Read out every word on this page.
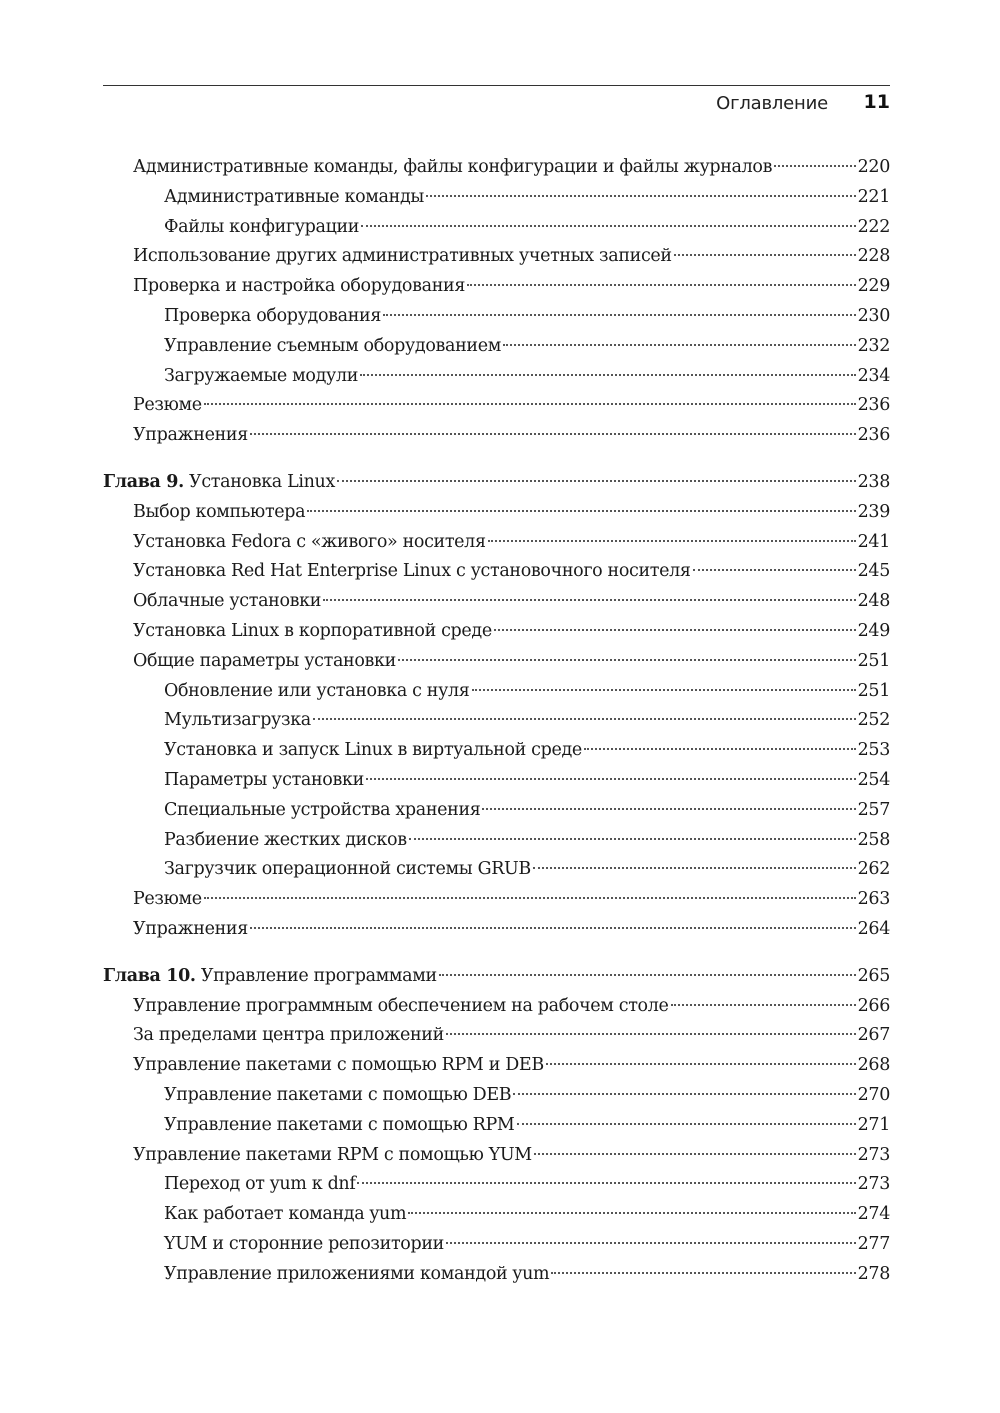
Оглавление 11
Административные команды, файлы конфигурации и файлы журналов	220
Административные команды	221
Файлы конфигурации	222
Использование других административных учетных записей	228
Проверка и настройка оборудования	229
Проверка оборудования	230
Управление съемным оборудованием	232
Загружаемые модули	234
Резюме	236
Упражнения	236
Глава 9. Установка Linux	238
Выбор компьютера	239
Установка Fedora с «живого» носителя	241
Установка Red Hat Enterprise Linux с установочного носителя	245
Облачные установки	248
Установка Linux в корпоративной среде	249
Общие параметры установки	251
Обновление или установка с нуля	251
Мультизагрузка	252
Установка и запуск Linux в виртуальной среде	253
Параметры установки	254
Специальные устройства хранения	257
Разбиение жестких дисков	258
Загрузчик операционной системы GRUB	262
Резюме	263
Упражнения	264
Глава 10. Управление программами	265
Управление программным обеспечением на рабочем столе	266
За пределами центра приложений	267
Управление пакетами с помощью RPM и DEB	268
Управление пакетами с помощью DEB	270
Управление пакетами с помощью RPM	271
Управление пакетами RPM с помощью YUM	273
Переход от yum к dnf	273
Как работает команда yum	274
YUM и сторонние репозитории	277
Управление приложениями командой yum	278
